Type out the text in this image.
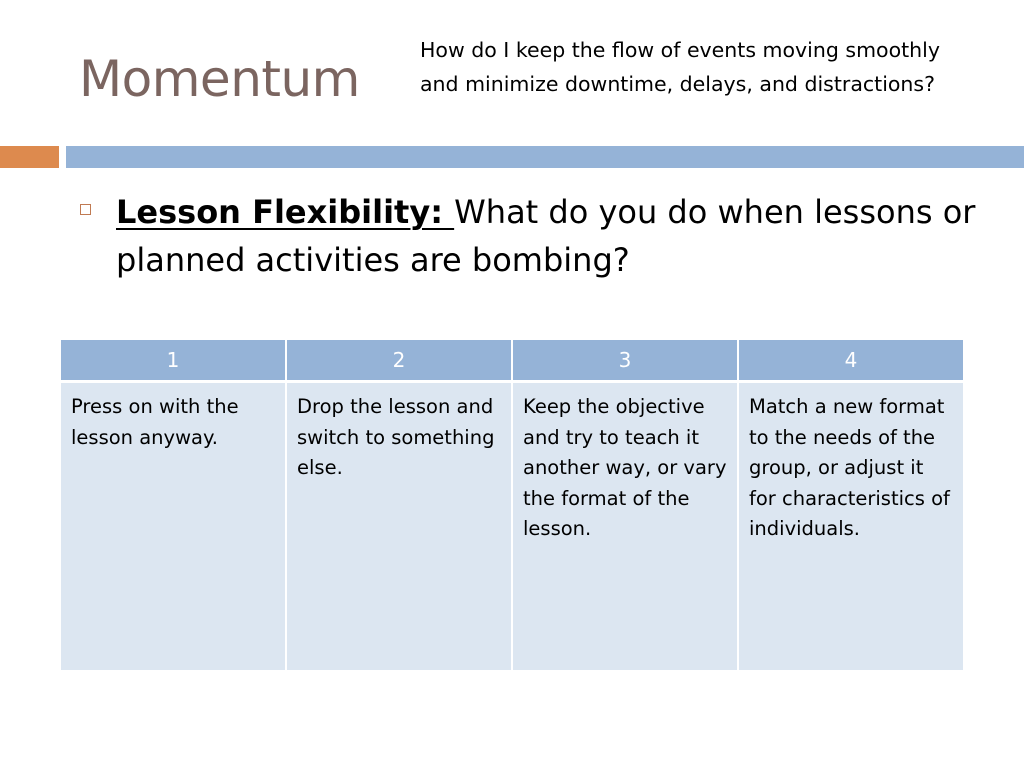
Momentum	How do I keep the flow of events moving smoothly and minimize downtime, delays, and distractions?
Lesson Flexibility: What do you do when lessons or planned activities are bombing?
1	2	3	4
Press on with the lesson anyway.	Drop the lesson and switch to something else.	Keep the objective and try to teach it another way, or vary the format of the lesson.	Match a new format to the needs of the group, or adjust it for characteristics of individuals.
